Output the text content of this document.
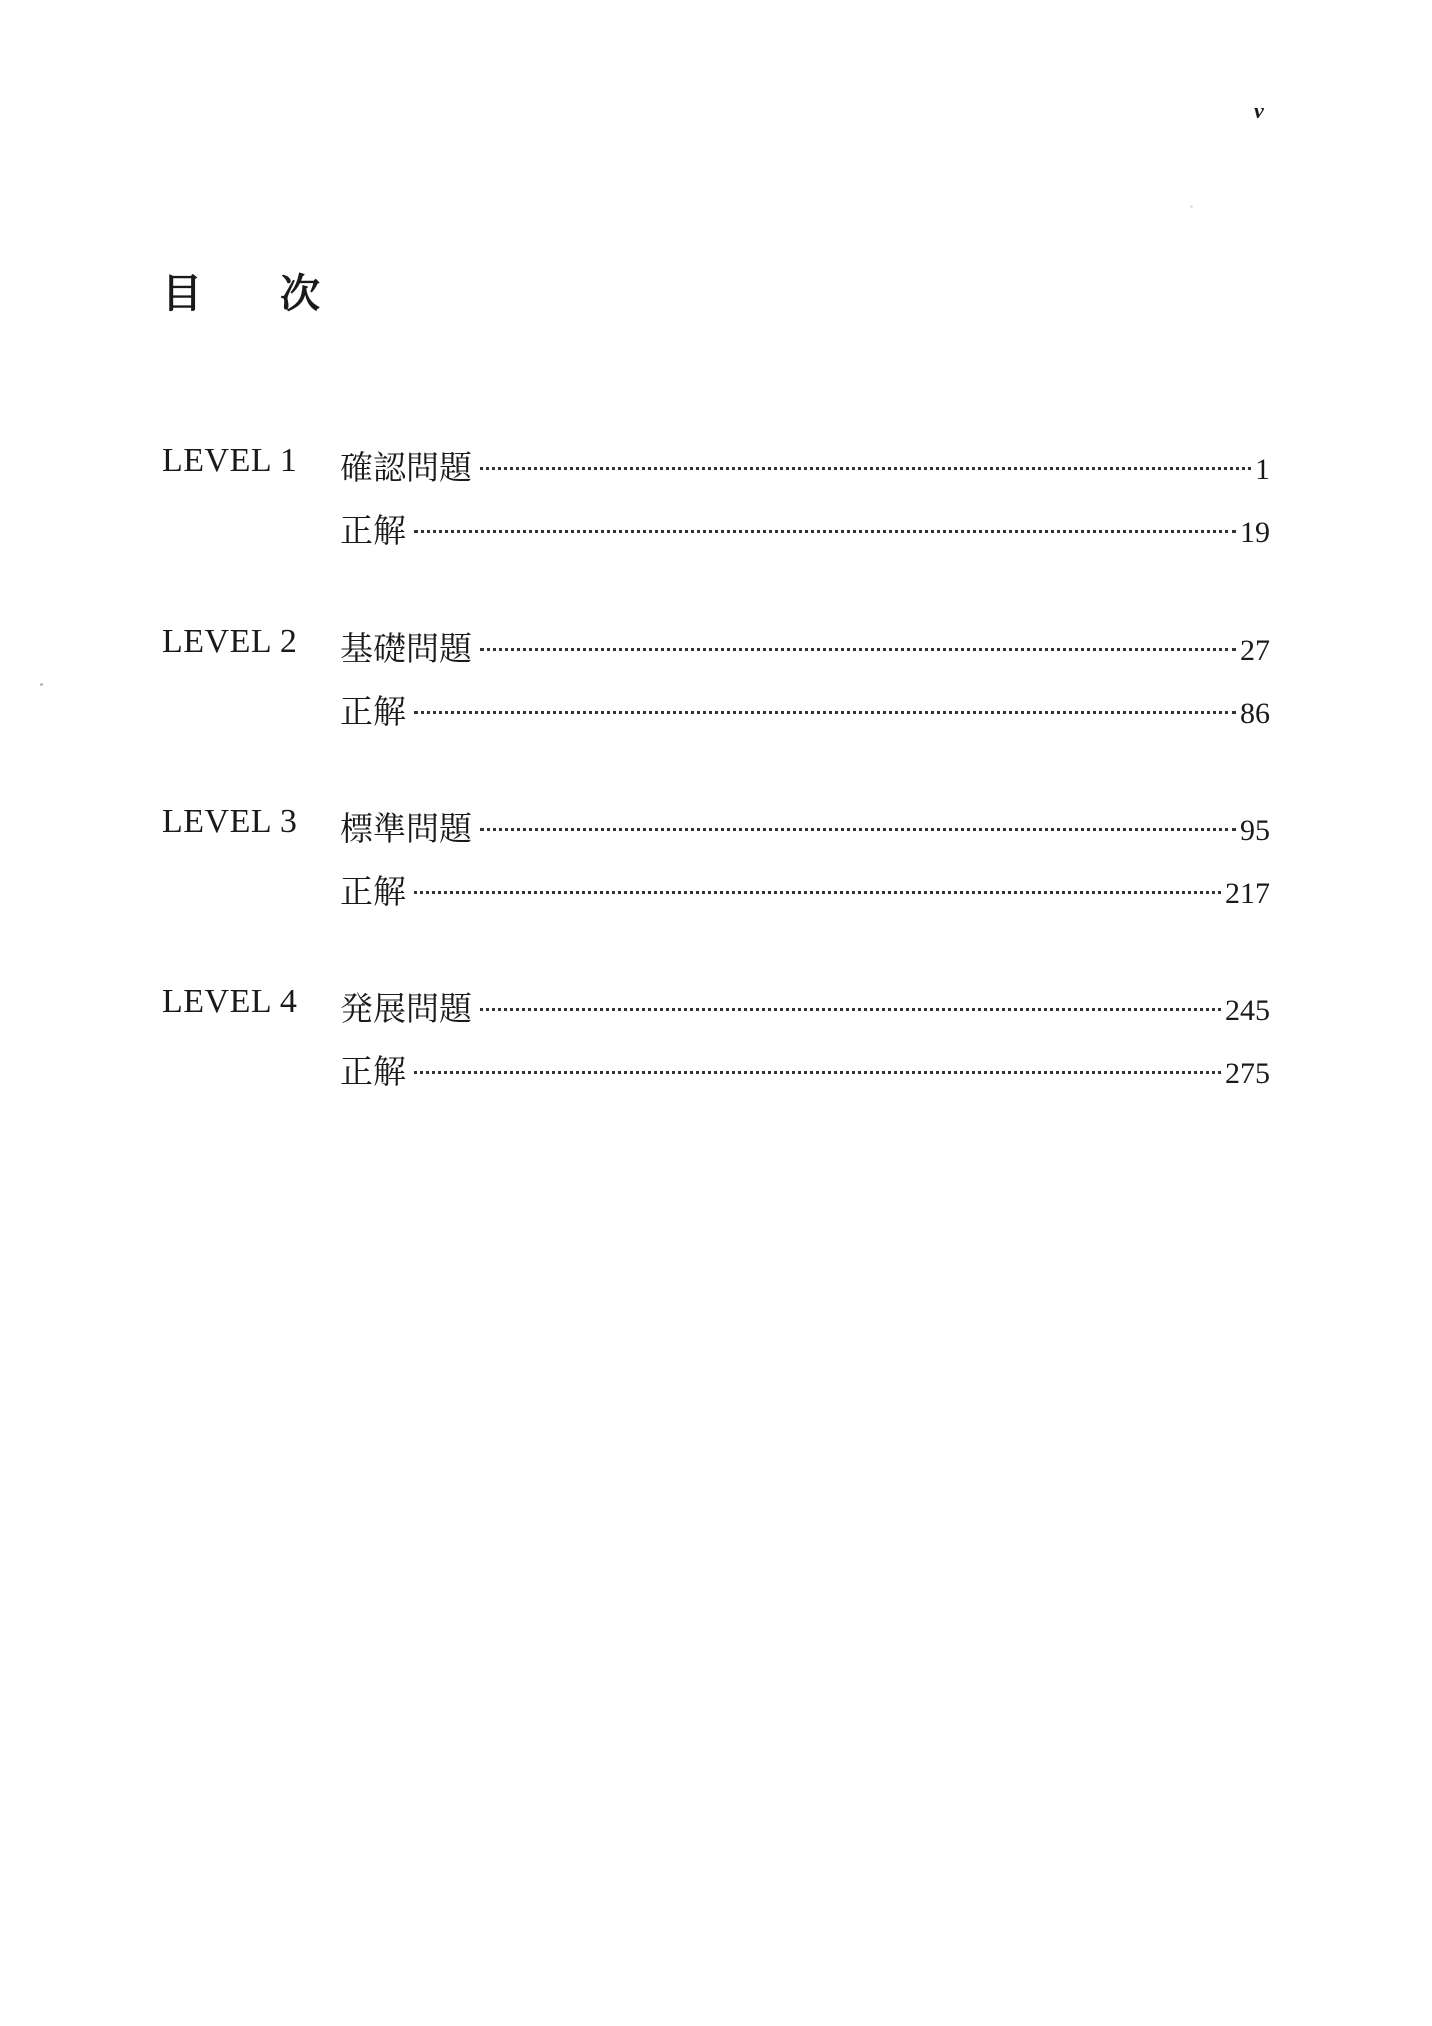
v
目次
LEVEL 1 確認問題	1
正解	19
LEVEL 2 基礎問題	27
正解	86
LEVEL 3 標準問題	95
正解	217
LEVEL 4 発展問題	245
正解	275
